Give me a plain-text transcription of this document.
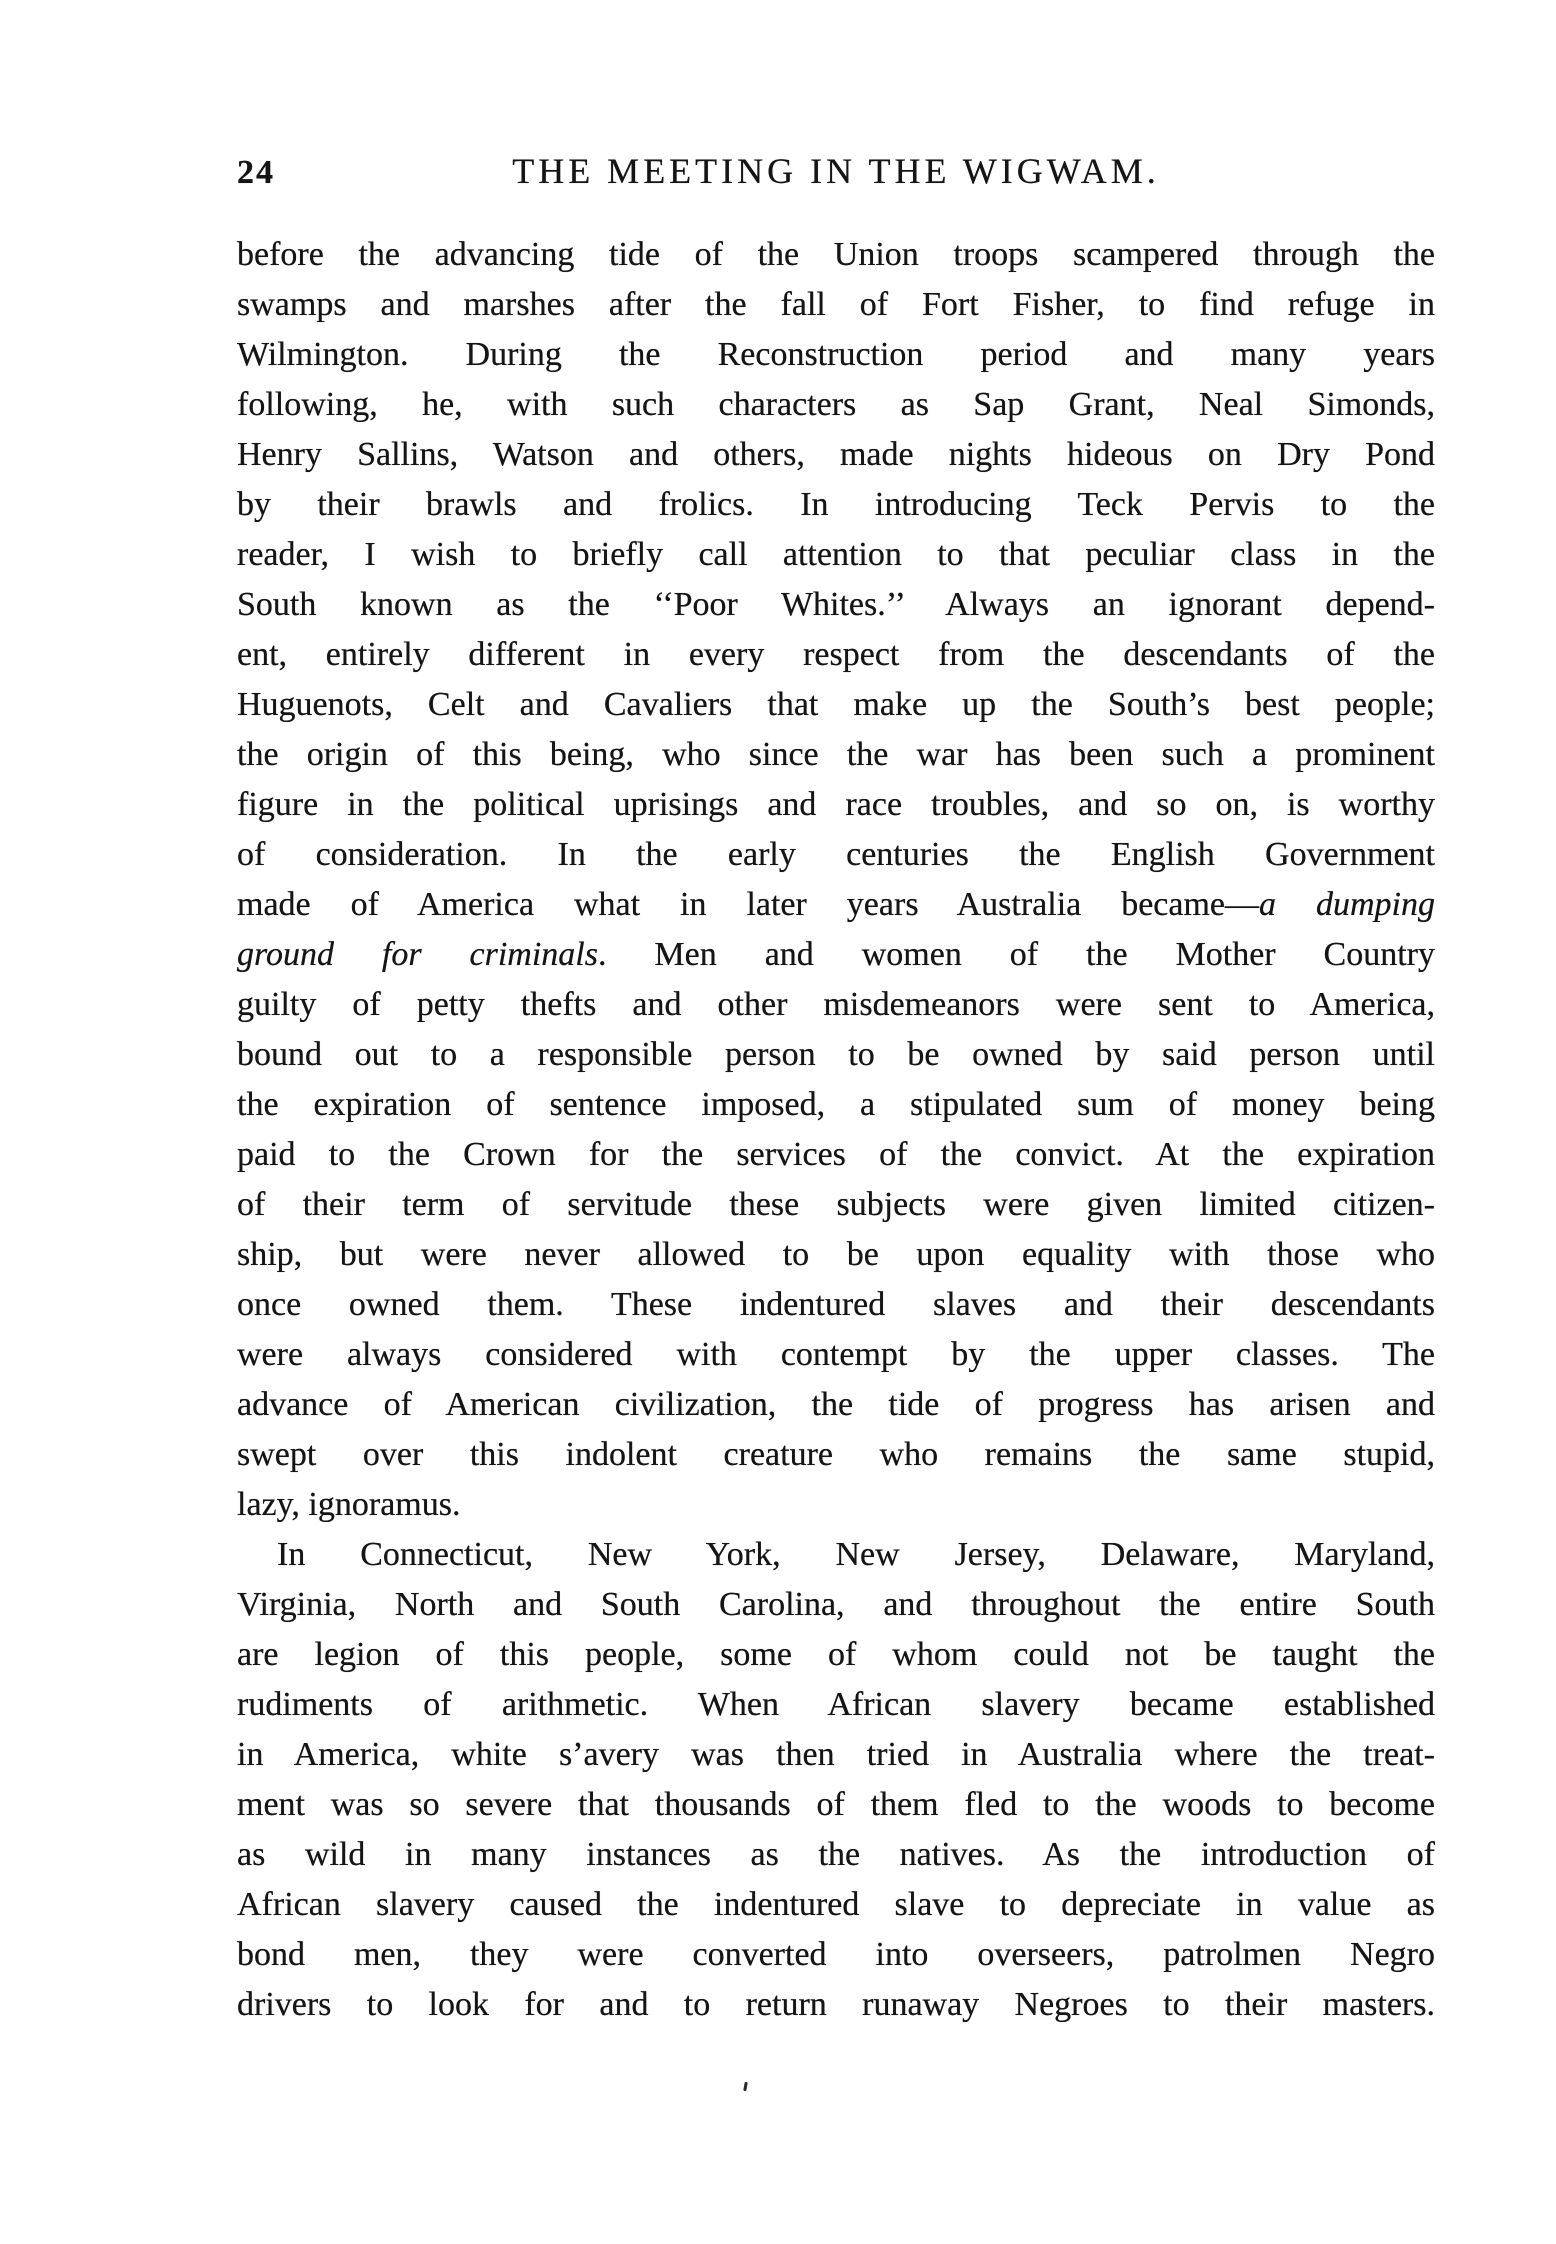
24	THE MEETING IN THE WIGWAM.
before the advancing tide of the Union troops scampered through the
swamps and marshes after the fall of Fort Fisher, to find refuge in
Wilmington. During the Reconstruction period and many years
following, he, with such characters as Sap Grant, Neal Simonds,
Henry Sallins, Watson and others, made nights hideous on Dry Pond
by their brawls and frolics. In introducing Teck Pervis to the
reader, I wish to briefly call attention to that peculiar class in the
South known as the ‘‘Poor Whites.’’ Always an ignorant depend-
ent, entirely different in every respect from the descendants of the
Huguenots, Celt and Cavaliers that make up the South’s best people;
the origin of this being, who since the war has been such a prominent
figure in the political uprisings and race troubles, and so on, is worthy
of consideration. In the early centuries the English Government
made of America what in later years Australia became—a dumping
ground for criminals. Men and women of the Mother Country
guilty of petty thefts and other misdemeanors were sent to America,
bound out to a responsible person to be owned by said person until
the expiration of sentence imposed, a stipulated sum of money being
paid to the Crown for the services of the convict. At the expiration
of their term of servitude these subjects were given limited citizen-
ship, but were never allowed to be upon equality with those who
once owned them. These indentured slaves and their descendants
were always considered with contempt by the upper classes. The
advance of American civilization, the tide of progress has arisen and
swept over this indolent creature who remains the same stupid,
lazy, ignoramus.
In Connecticut, New York, New Jersey, Delaware, Maryland,
Virginia, North and South Carolina, and throughout the entire South
are legion of this people, some of whom could not be taught the
rudiments of arithmetic. When African slavery became established
in America, white s’avery was then tried in Australia where the treat-
ment was so severe that thousands of them fled to the woods to become
as wild in many instances as the natives. As the introduction of
African slavery caused the indentured slave to depreciate in value as
bond men, they were converted into overseers, patrolmen Negro
drivers to look for and to return runaway Negroes to their masters.
